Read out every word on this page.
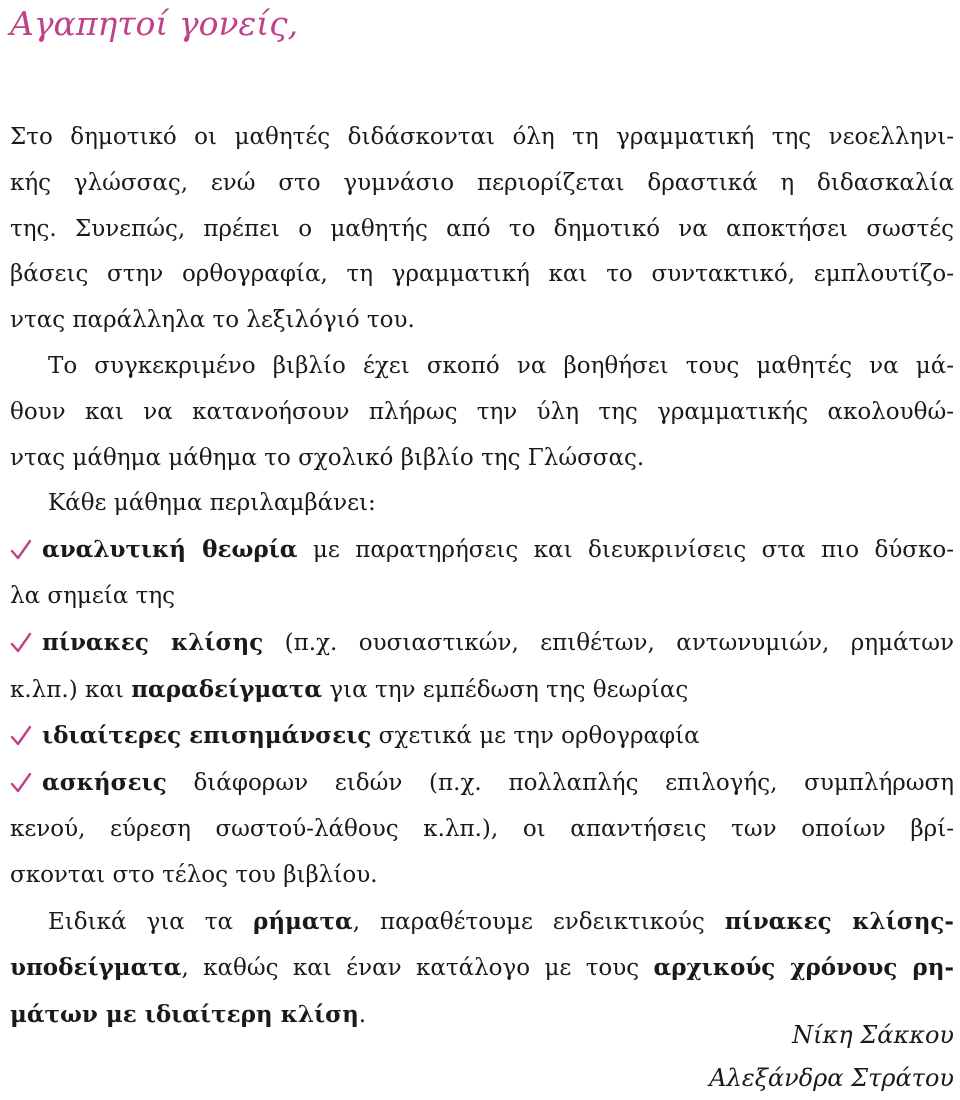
Αγαπητοί γονείς,
Στο δημοτικό οι μαθητές διδάσκονται όλη τη γραμματική της νεοελληνι-
κής γλώσσας, ενώ στο γυμνάσιο περιορίζεται δραστικά η διδασκαλία
της. Συνεπώς, πρέπει ο μαθητής από το δημοτικό να αποκτήσει σωστές
βάσεις στην ορθογραφία, τη γραμματική και το συντακτικό, εμπλουτίζο-
ντας παράλληλα το λεξιλόγιό του.
Το συγκεκριμένο βιβλίο έχει σκοπό να βοηθήσει τους μαθητές να μά-
θουν και να κατανοήσουν πλήρως την ύλη της γραμματικής ακολουθώ-
ντας μάθημα μάθημα το σχολικό βιβλίο της Γλώσσας.
Κάθε μάθημα περιλαμβάνει:
αναλυτική θεωρία με παρατηρήσεις και διευκρινίσεις στα πιο δύσκο-
λα σημεία της
πίνακες κλίσης (π.χ. ουσιαστικών, επιθέτων, αντωνυμιών, ρημάτων
κ.λπ.) και παραδείγματα για την εμπέδωση της θεωρίας
ιδιαίτερες επισημάνσεις σχετικά με την ορθογραφία
ασκήσεις διάφορων ειδών (π.χ. πολλαπλής επιλογής, συμπλήρωση
κενού, εύρεση σωστού-λάθους κ.λπ.), οι απαντήσεις των οποίων βρί-
σκονται στο τέλος του βιβλίου.
Ειδικά για τα ρήματα, παραθέτουμε ενδεικτικούς πίνακες κλίσης-
υποδείγματα, καθώς και έναν κατάλογο με τους αρχικούς χρόνους ρη-
μάτων με ιδιαίτερη κλίση.
Νίκη Σάκκου
Αλεξάνδρα Στράτου
